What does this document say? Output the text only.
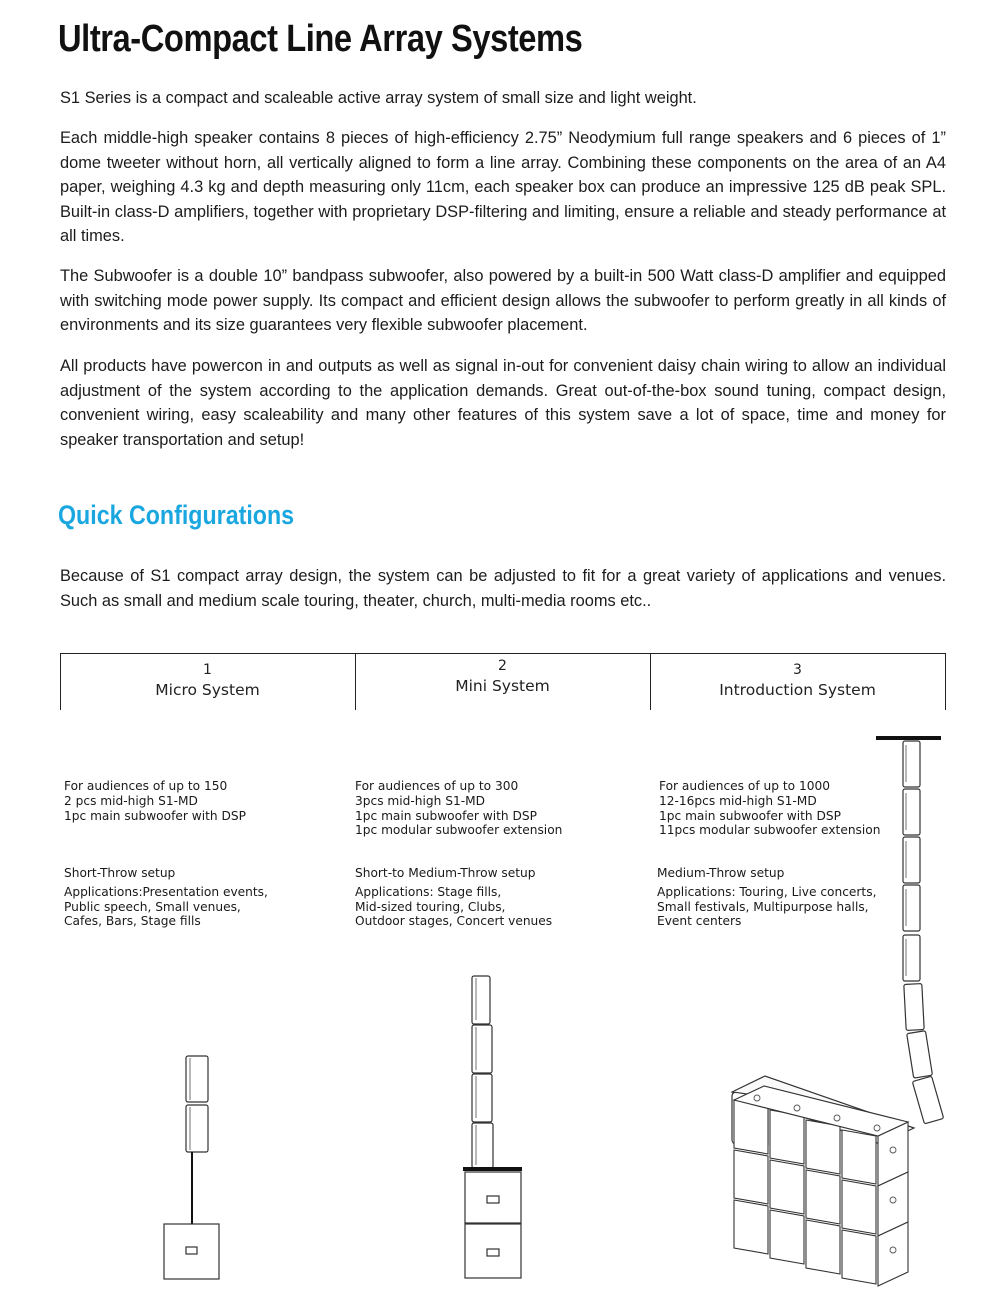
Ultra-Compact Line Array Systems

S1 Series is a compact and scaleable active array system of small size and light weight.

Each middle-high speaker contains 8 pieces of high-efficiency 2.75” Neodymium full range speakers and 6 pieces of 1” dome tweeter without horn, all vertically aligned to form a line array. Combining these components on the area of an A4 paper, weighing 4.3 kg and depth measuring only 11cm, each speaker box can produce an impressive 125 dB peak SPL. Built-in class-D amplifiers, together with proprietary DSP-filtering and limiting, ensure a reliable and steady performance at all times.

The Subwoofer is a double 10” bandpass subwoofer, also powered by a built-in 500 Watt class-D amplifier and equipped with switching mode power supply. Its compact and efficient design allows the subwoofer to perform greatly in all kinds of environments and its size guarantees very flexible subwoofer placement.

All products have powercon in and outputs as well as signal in-out for convenient daisy chain wiring to allow an individual adjustment of the system according to the application demands. Great out-of-the-box sound tuning, compact design, convenient wiring, easy scaleability and many other features of this system save a lot of space, time and money for speaker transportation and setup!

Quick Configurations

Because of S1 compact array design, the system can be adjusted to fit for a great variety of applications and venues. Such as small and medium scale touring, theater, church, multi-media rooms etc..

1
Micro System
2
Mini System
3
Introduction System
For audiences of up to 150
2 pcs mid-high S1-MD
1pc main subwoofer with DSP
Short-Throw setup
Applications:Presentation events,
Public speech, Small venues,
Cafes, Bars, Stage fills
For audiences of up to 300
3pcs mid-high S1-MD
1pc main subwoofer with DSP
1pc modular subwoofer extension
Short-to Medium-Throw setup
Applications: Stage fills,
Mid-sized touring, Clubs,
Outdoor stages, Concert venues
For audiences of up to 1000
12-16pcs mid-high S1-MD
1pc main subwoofer with DSP
11pcs modular subwoofer extension
Medium-Throw setup
Applications: Touring, Live concerts,
Small festivals, Multipurpose halls,
Event centers
